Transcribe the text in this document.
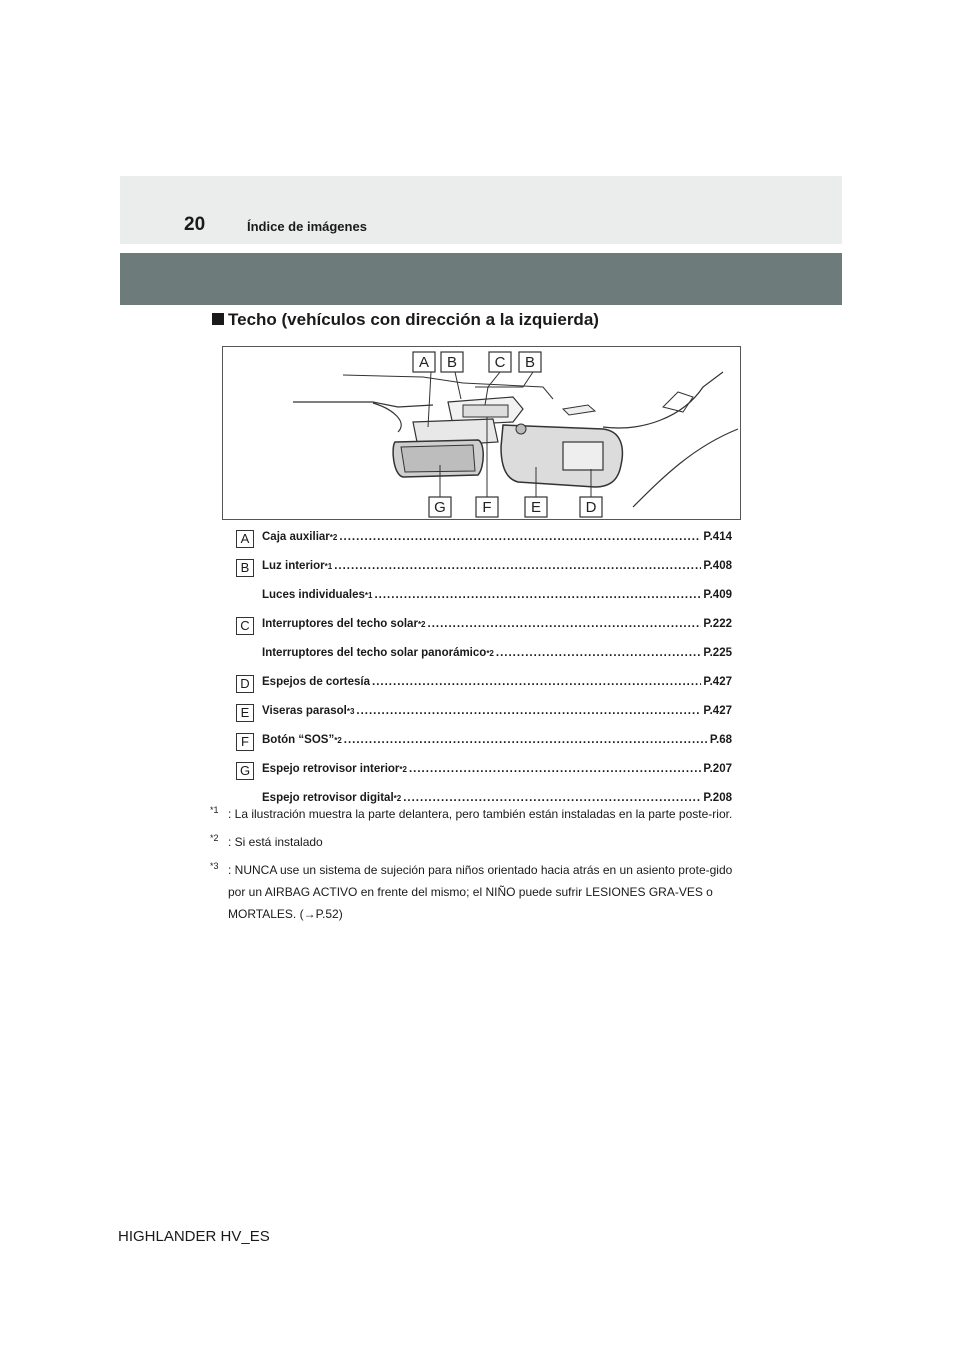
20	Índice de imágenes
Techo (vehículos con dirección a la izquierda)
A B	C B
G F	E	D
A	Caja auxiliar *2 .....	P.414
B	Luz interior *1 .....	P.408
Luces individuales *1 .....	P.409
C	Interruptores del techo solar *2 .....	P.222
Interruptores del techo solar panorámico *2 .....	P.225
D	Espejos de cortesía .....	P.427
E	Viseras parasol *3 .....	P.427
F	Botón “SOS” *2 .....	P.68
G	Espejo retrovisor interior *2 .....	P.207
Espejo retrovisor digital *2 .....	P.208
*1 : La ilustración muestra la parte delantera, pero también están instaladas en la parte poste-rior.
*2 : Si está instalado
*3 : NUNCA use un sistema de sujeción para niños orientado hacia atrás en un asiento prote-gido por un AIRBAG ACTIVO en frente del mismo; el NIÑO puede sufrir LESIONES GRA-VES o MORTALES. (→P.52)
HIGHLANDER HV_ES
